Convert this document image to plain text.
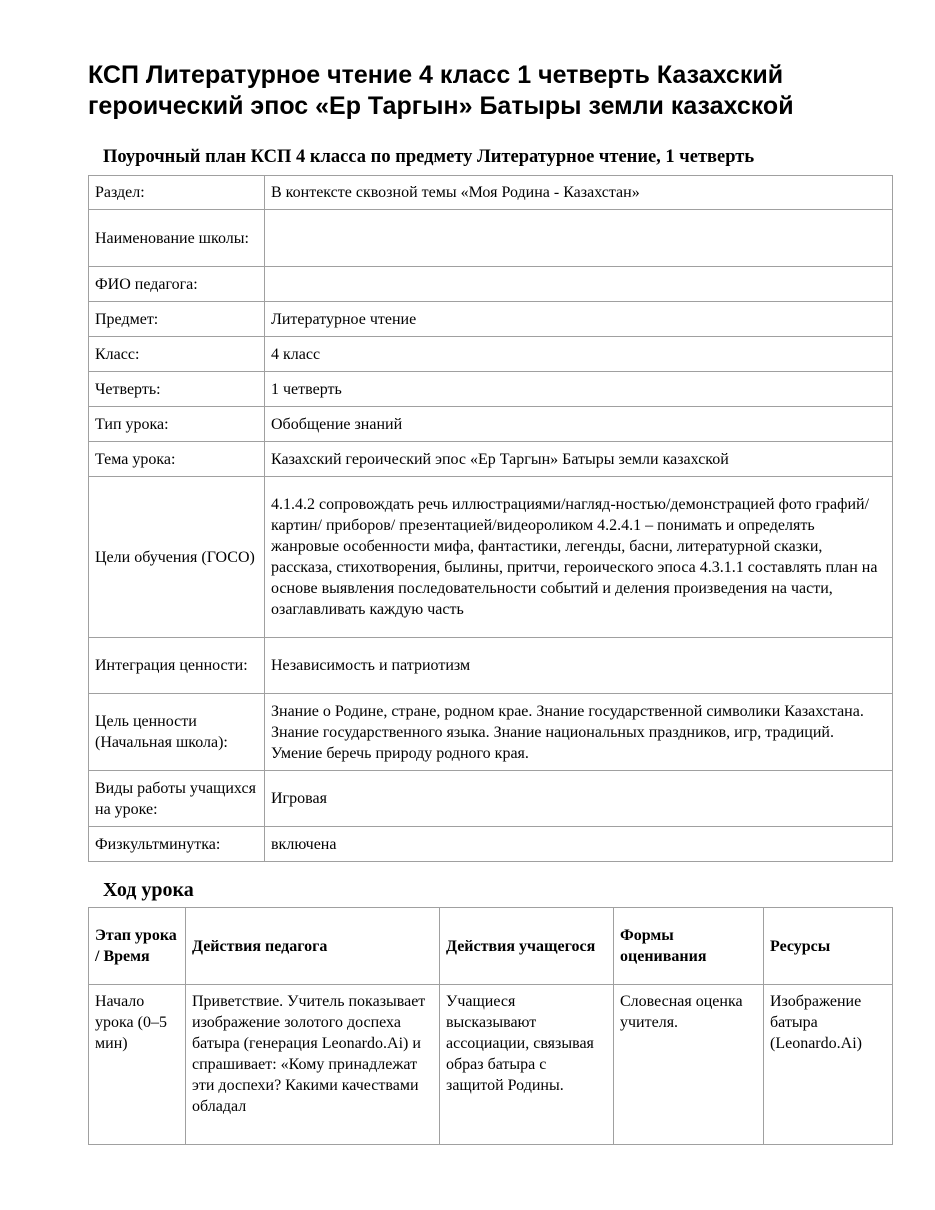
КСП Литературное чтение 4 класс 1 четверть Казахский героический эпос «Ер Таргын» Батыры земли казахской
Поурочный план КСП 4 класса по предмету Литературное чтение, 1 четверть
Раздел:	В контексте сквозной темы «Моя Родина - Казахстан»
Наименование школы:	
ФИО педагога:	
Предмет:	Литературное чтение
Класс:	4 класс
Четверть:	1 четверть
Тип урока:	Обобщение знаний
Тема урока:	Казахский героический эпос «Ер Таргын» Батыры земли казахской
Цели обучения (ГОСО)	4.1.4.2 сопровождать речь иллюстрациями/нагляд-ностью/демонстрацией фото графий/ картин/ приборов/ презентацией/видеороликом 4.2.4.1 – понимать и определять жанровые особенности мифа, фантастики, легенды, басни, литературной сказки, рассказа, стихотворения, былины, притчи, героического эпоса 4.3.1.1 составлять план на основе выявления последовательности событий и деления произведения на части, озаглавливать каждую часть
Интеграция ценности:	Независимость и патриотизм
Цель ценности (Начальная школа):	Знание о Родине, стране, родном крае. Знание государственной символики Казахстана. Знание государственного языка. Знание национальных праздников, игр, традиций. Умение беречь природу родного края.
Виды работы учащихся на уроке:	Игровая
Физкультминутка:	включена
Ход урока
Этап урока / Время	Действия педагога	Действия учащегося	Формы оценивания	Ресурсы
Начало урока (0–5 мин)	Приветствие. Учитель показывает изображение золотого доспеха батыра (генерация Leonardo.Ai) и спрашивает: «Кому принадлежат эти доспехи? Какими качествами обладал	Учащиеся высказывают ассоциации, связывая образ батыра с защитой Родины.	Словесная оценка учителя.	Изображение батыра (Leonardo.Ai)
